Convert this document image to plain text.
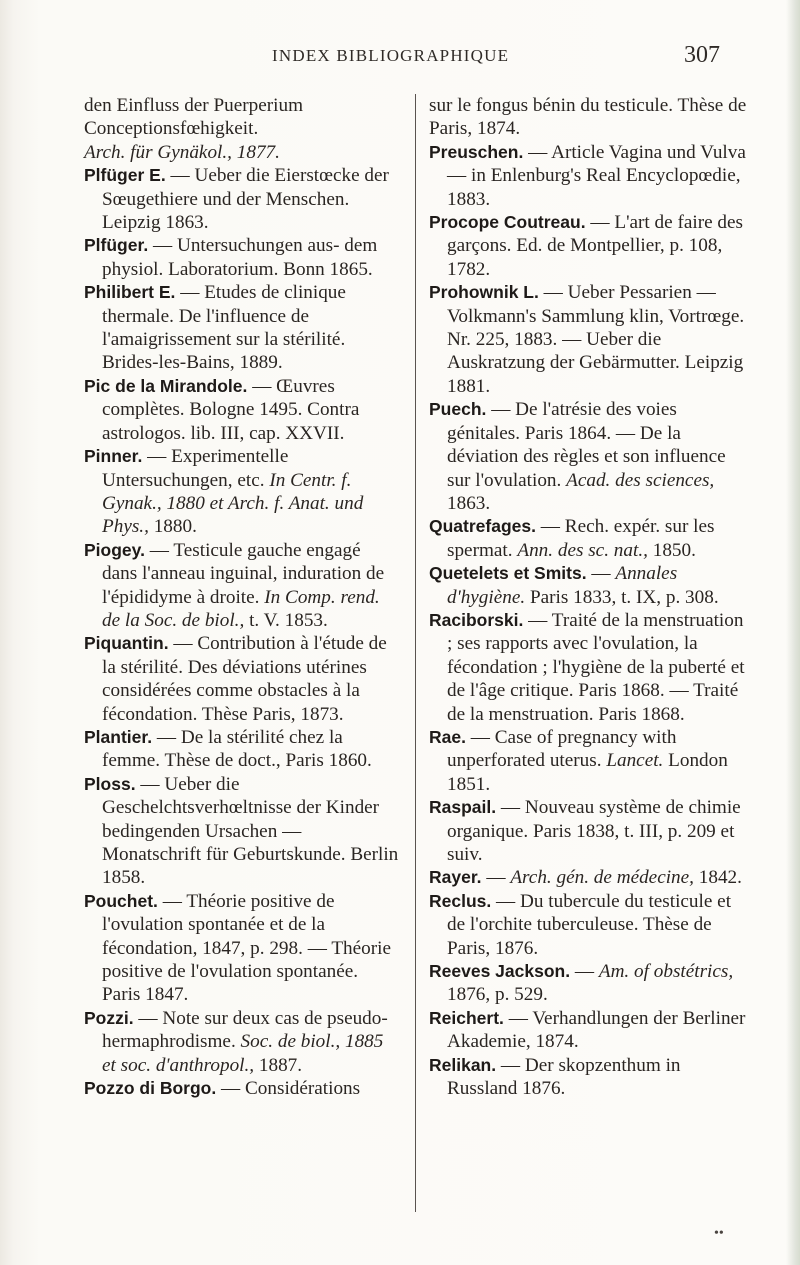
INDEX BIBLIOGRAPHIQUE	307

den Einfluss der Puerperium Conceptionsfœhigkeit.

Arch. für Gynäkol., 1877.

Plfüger E. — Ueber die Eierstœcke der Sœugethiere und der Menschen. Leipzig 1863.

Plfüger. — Untersuchungen aus- dem physiol. Laboratorium. Bonn 1865.

Philibert E. — Etudes de clinique thermale. De l'influence de l'amaigrissement sur la stérilité. Brides-les-Bains, 1889.

Pic de la Mirandole. — Œuvres complètes. Bologne 1495. Contra astrologos. lib. III, cap. XXVII.

Pinner. — Experimentelle Untersuchungen, etc. In Centr. f. Gynak., 1880 et Arch. f. Anat. und Phys., 1880.

Piogey. — Testicule gauche engagé dans l'anneau inguinal, induration de l'épididyme à droite. In Comp. rend. de la Soc. de biol., t. V. 1853.

Piquantin. — Contribution à l'étude de la stérilité. Des déviations utérines considérées comme obstacles à la fécondation. Thèse Paris, 1873.

Plantier. — De la stérilité chez la femme. Thèse de doct., Paris 1860.

Ploss. — Ueber die Geschelchtsverhœltnisse der Kinder bedingenden Ursachen — Monatschrift für Geburtskunde. Berlin 1858.

Pouchet. — Théorie positive de l'ovulation spontanée et de la fécondation, 1847, p. 298. — Théorie positive de l'ovulation spontanée. Paris 1847.

Pozzi. — Note sur deux cas de pseudo-hermaphrodisme. Soc. de biol., 1885 et soc. d'anthropol., 1887.

Pozzo di Borgo. — Considérations

sur le fongus bénin du testicule. Thèse de Paris, 1874.

Preuschen. — Article Vagina und Vulva — in Enlenburg's Real Encyclopœdie, 1883.

Procope Coutreau. — L'art de faire des garçons. Ed. de Montpellier, p. 108, 1782.

Prohownik L. — Ueber Pessarien — Volkmann's Sammlung klin, Vortrœge. Nr. 225, 1883. — Ueber die Auskratzung der Gebärmutter. Leipzig 1881.

Puech. — De l'atrésie des voies génitales. Paris 1864. — De la déviation des règles et son influence sur l'ovulation. Acad. des sciences, 1863.

Quatrefages. — Rech. expér. sur les spermat. Ann. des sc. nat., 1850.

Quetelets et Smits. — Annales d'hygiène. Paris 1833, t. IX, p. 308.

Raciborski. — Traité de la menstruation ; ses rapports avec l'ovulation, la fécondation ; l'hygiène de la puberté et de l'âge critique. Paris 1868. — Traité de la menstruation. Paris 1868.

Rae. — Case of pregnancy with unperforated uterus. Lancet. London 1851.

Raspail. — Nouveau système de chimie organique. Paris 1838, t. III, p. 209 et suiv.

Rayer. — Arch. gén. de médecine, 1842.

Reclus. — Du tubercule du testicule et de l'orchite tuberculeuse. Thèse de Paris, 1876.

Reeves Jackson. — Am. of obstétrics, 1876, p. 529.

Reichert. — Verhandlungen der Berliner Akademie, 1874.

Relikan. — Der skopzenthum in Russland 1876.

••
